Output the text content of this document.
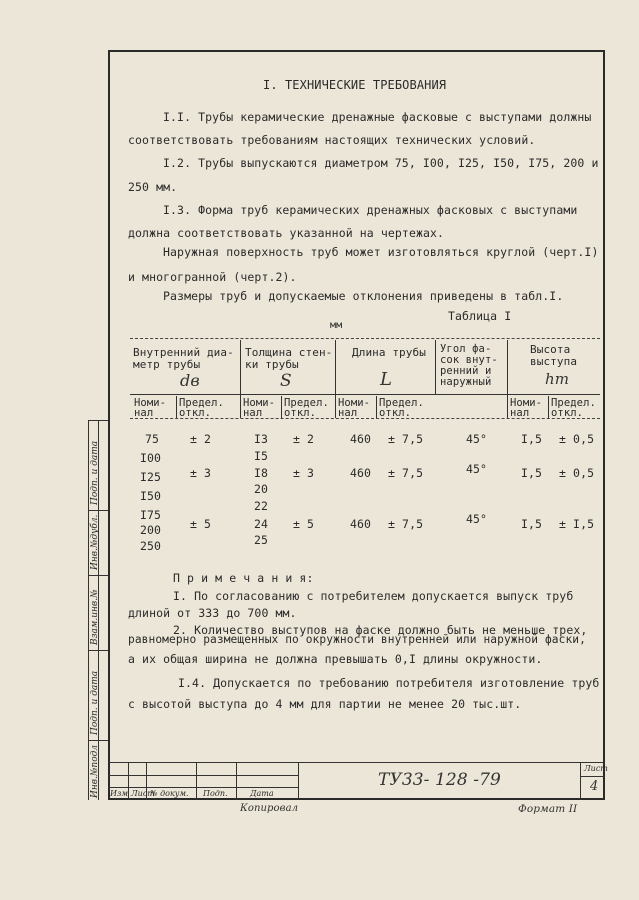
I. ТЕХНИЧЕСКИЕ ТРЕБОВАНИЯ
I.I. Трубы керамические дренажные фасковые с выступами должны
соответствовать требованиям настоящих технических условий.
I.2. Трубы выпускаются диаметром 75, I00, I25, I50, I75, 200 и
250 мм.
I.3. Форма труб керамических дренажных фасковых с выступами
должна соответствовать указанной на чертежах.
Наружная поверхность труб может изготовляться круглой (черт.I)
и многогранной (черт.2).
Размеры труб и допускаемые отклонения приведены в табл.I.
Таблица I
мм
Внутренний диа-
метр трубы
dв
Толщина стен-
ки трубы
S
Длина трубы
L
Угол фа-
сок внут-
ренний и
наружный
Высота
выступа
hт
Номи-
нал
Предел.
откл.
Номи-
нал
Предел.
откл.
Номи-
нал
Предел.
откл.
Номи-
нал
Предел.
откл.
75
I00
I25
I50
I75
200
250
± 2
± 3
± 5
I3
I5
I8
20
22
24
25
± 2
± 3
± 5
460
460
460
± 7,5
± 7,5
± 7,5
45°
45°
45°
I,5
I,5
I,5
± 0,5
± 0,5
± I,5
П р и м е ч а н и я:
I. По согласованию с потребителем допускается выпуск труб
длиной от 333 до 700 мм.
2. Количество выступов на фаске должно быть не меньше трех,
равномерно размещенных по окружности внутренней или наружной фаски,
а их общая ширина не должна превышать 0,I длины окружности.
I.4. Допускается по требованию потребителя изготовление труб
с высотой выступа до 4 мм для партии не менее 20 тыс.шт.
Инв.№подл
Подп. и дата
Взам.инв.№
Инв.№дубл.
Подп. и дата
Изм Лист
№ докум. Подп.	Дата
ТУ33- 128 -79
Лист
4
Копировал	Формат II
